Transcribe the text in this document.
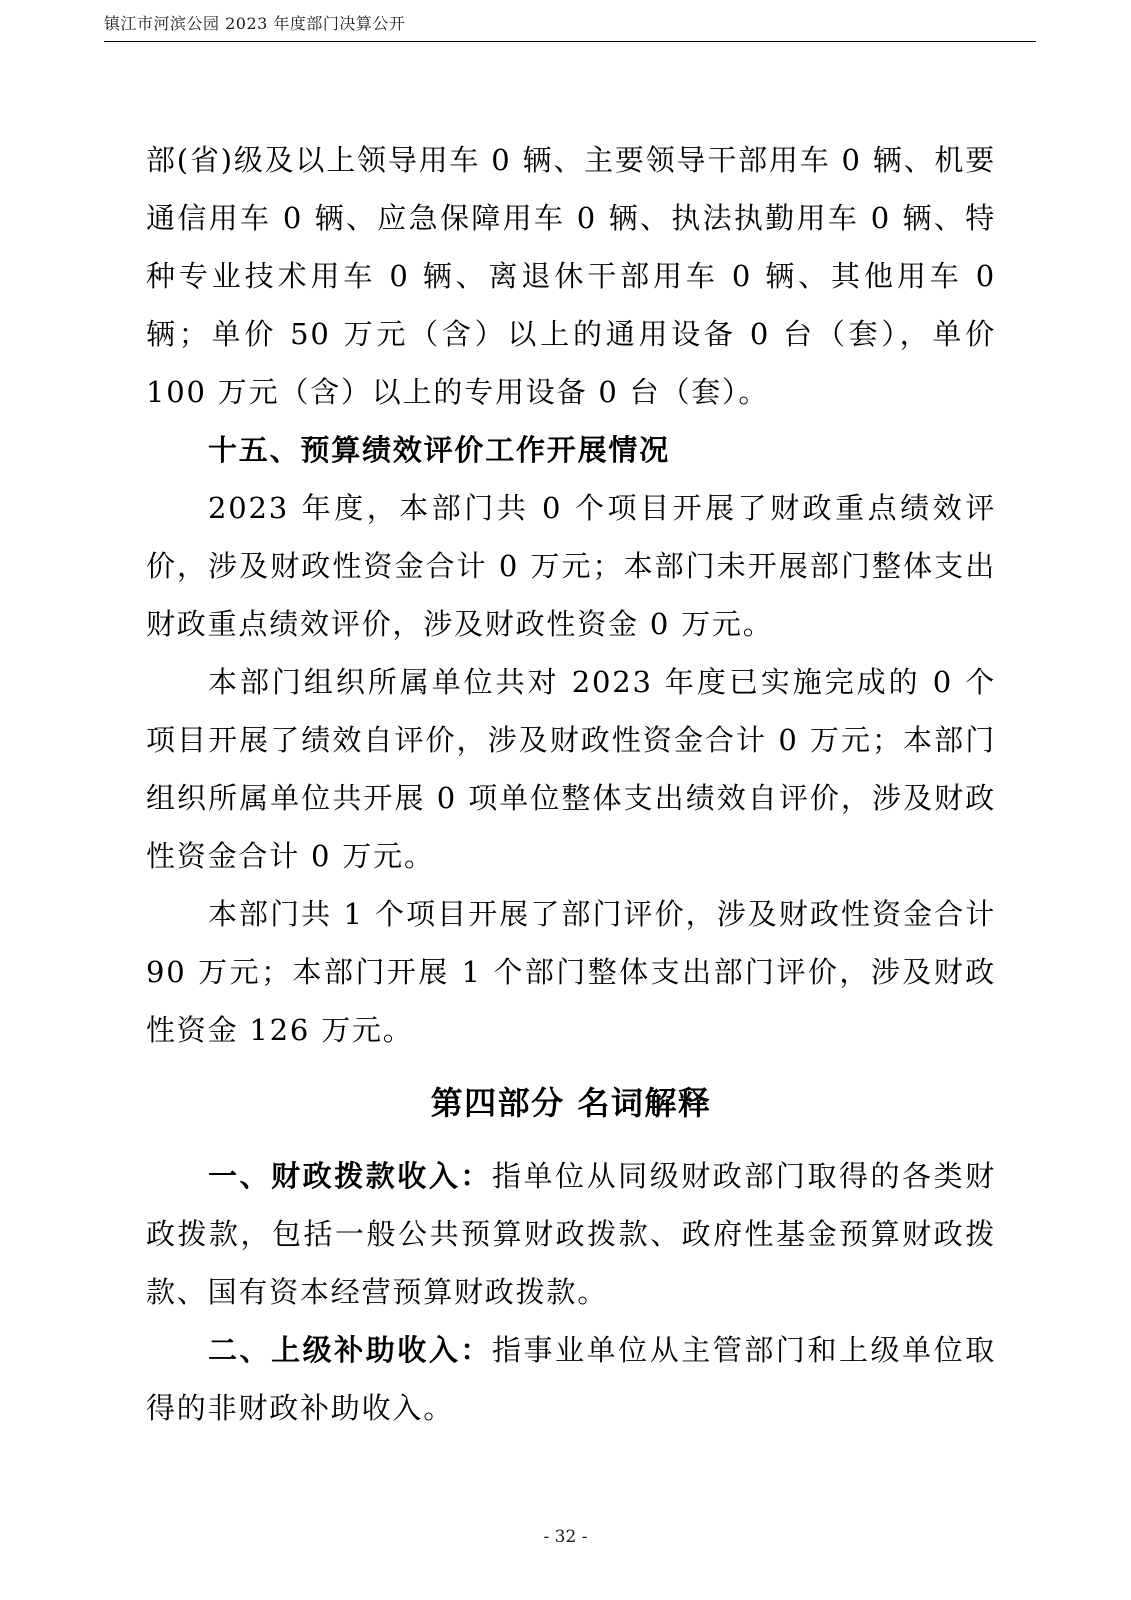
镇江市河滨公园 2023 年度部门决算公开

部(省)级及以上领导用车 0 辆、主要领导干部用车 0 辆、机要通信用车 0 辆、应急保障用车 0 辆、执法执勤用车 0 辆、特种专业技术用车 0 辆、离退休干部用车 0 辆、其他用车 0 辆；单价 50 万元（含）以上的通用设备 0 台（套），单价 100 万元（含）以上的专用设备 0 台（套）。

十五、预算绩效评价工作开展情况

2023 年度，本部门共 0 个项目开展了财政重点绩效评价，涉及财政性资金合计 0 万元；本部门未开展部门整体支出财政重点绩效评价，涉及财政性资金 0 万元。

本部门组织所属单位共对 2023 年度已实施完成的 0 个项目开展了绩效自评价，涉及财政性资金合计 0 万元；本部门组织所属单位共开展 0 项单位整体支出绩效自评价，涉及财政性资金合计 0 万元。

本部门共 1 个项目开展了部门评价，涉及财政性资金合计 90 万元；本部门开展 1 个部门整体支出部门评价，涉及财政性资金 126 万元。

第四部分 名词解释

一、财政拨款收入：指单位从同级财政部门取得的各类财政拨款，包括一般公共预算财政拨款、政府性基金预算财政拨款、国有资本经营预算财政拨款。

二、上级补助收入：指事业单位从主管部门和上级单位取得的非财政补助收入。

- 32 -
